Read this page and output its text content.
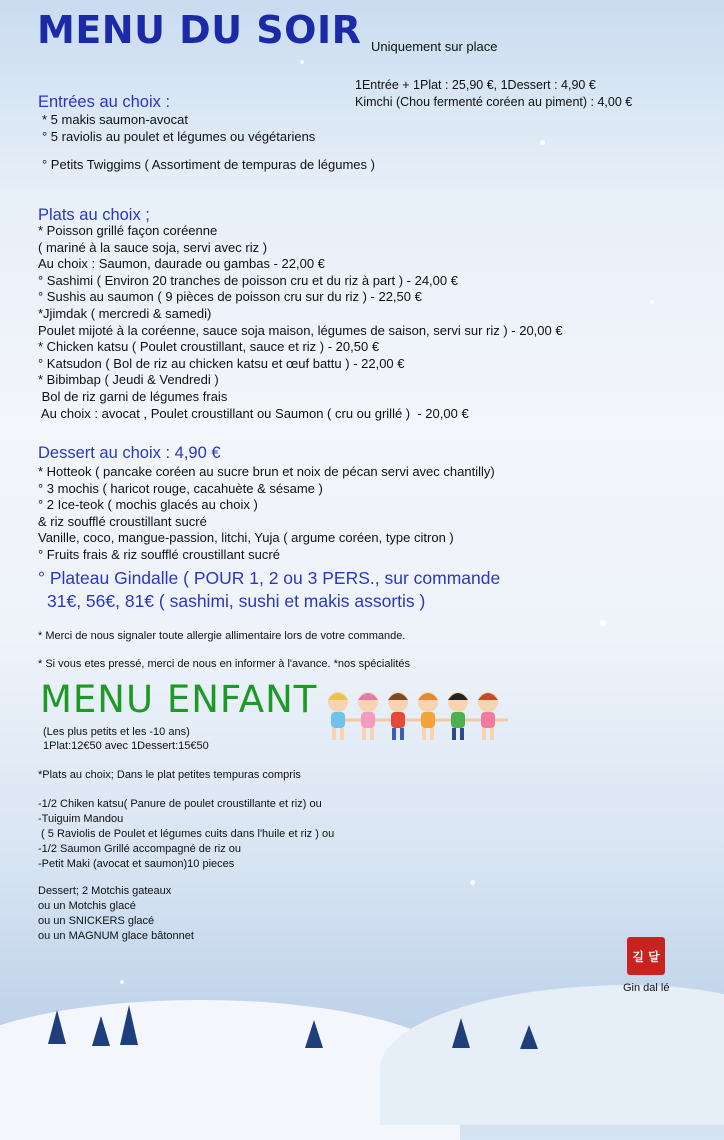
MENU DU SOIR Uniquement sur place
1Entrée + 1Plat : 25,90 €, 1Dessert : 4,90 €
Kimchi (Chou fermenté coréen au piment) : 4,00 €
Entrées au choix :
* 5 makis saumon-avocat
° 5 raviolis au poulet et légumes ou végétariens
° Petits Twiggims ( Assortiment de tempuras de légumes )
Plats au choix ;
* Poisson grillé façon coréenne
( mariné à la sauce soja, servi avec riz )
Au choix : Saumon, daurade ou gambas - 22,00 €
° Sashimi ( Environ 20 tranches de poisson cru et du riz à part ) - 24,00 €
° Sushis au saumon ( 9 pièces de poisson cru sur du riz ) - 22,50 €
*Jjimdak ( mercredi & samedi)
Poulet mijoté à la coréenne, sauce soja maison, légumes de saison, servi sur riz ) - 20,00 €
* Chicken katsu ( Poulet croustillant, sauce et riz ) - 20,50 €
° Katsudon ( Bol de riz au chicken katsu et œuf battu ) - 22,00 €
* Bibimbap ( Jeudi & Vendredi )
Bol de riz garni de légumes frais
Au choix : avocat , Poulet croustillant ou Saumon ( cru ou grillé )  - 20,00 €
Dessert au choix : 4,90 €
* Hotteok ( pancake coréen au sucre brun et noix de pécan servi avec chantilly)
° 3 mochis ( haricot rouge, cacahuète & sésame )
° 2 Ice-teok ( mochis glacés au choix )
& riz soufflé croustillant sucré
Vanille, coco, mangue-passion, litchi, Yuja ( argume coréen, type citron )
° Fruits frais & riz soufflé croustillant sucré
° Plateau Gindalle ( POUR 1, 2 ou 3 PERS., sur commande
31€, 56€, 81€ ( sashimi, sushi et makis assortis )
* Merci de nous signaler toute allergie allimentaire lors de votre commande.
* Si vous etes pressé, merci de nous en informer à l'avance. *nos spécialités
MENU ENFANT
(Les plus petits et les -10 ans)
1Plat:12€50 avec 1Dessert:15€50
*Plats au choix; Dans le plat petites tempuras compris
-1/2 Chiken katsu( Panure de poulet croustillante et riz) ou
-Tuiguim Mandou
( 5 Raviolis de Poulet et légumes cuits dans l'huile et riz ) ou
-1/2 Saumon Grillé accompagné de riz ou
-Petit Maki (avocat et saumon)10 pieces
Dessert; 2 Motchis gateaux
ou un Motchis glacé
ou un SNICKERS glacé
ou un MAGNUM glace bâtonnet
길 달
Gin dal lé
